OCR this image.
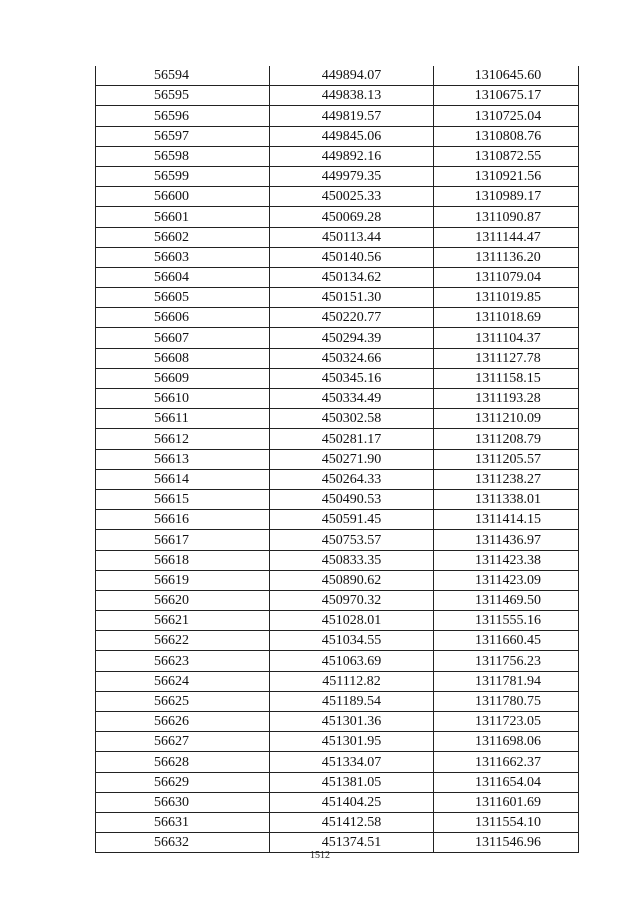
56594	449894.07	1310645.60
56595	449838.13	1310675.17
56596	449819.57	1310725.04
56597	449845.06	1310808.76
56598	449892.16	1310872.55
56599	449979.35	1310921.56
56600	450025.33	1310989.17
56601	450069.28	1311090.87
56602	450113.44	1311144.47
56603	450140.56	1311136.20
56604	450134.62	1311079.04
56605	450151.30	1311019.85
56606	450220.77	1311018.69
56607	450294.39	1311104.37
56608	450324.66	1311127.78
56609	450345.16	1311158.15
56610	450334.49	1311193.28
56611	450302.58	1311210.09
56612	450281.17	1311208.79
56613	450271.90	1311205.57
56614	450264.33	1311238.27
56615	450490.53	1311338.01
56616	450591.45	1311414.15
56617	450753.57	1311436.97
56618	450833.35	1311423.38
56619	450890.62	1311423.09
56620	450970.32	1311469.50
56621	451028.01	1311555.16
56622	451034.55	1311660.45
56623	451063.69	1311756.23
56624	451112.82	1311781.94
56625	451189.54	1311780.75
56626	451301.36	1311723.05
56627	451301.95	1311698.06
56628	451334.07	1311662.37
56629	451381.05	1311654.04
56630	451404.25	1311601.69
56631	451412.58	1311554.10
56632	451374.51	1311546.96
1512
